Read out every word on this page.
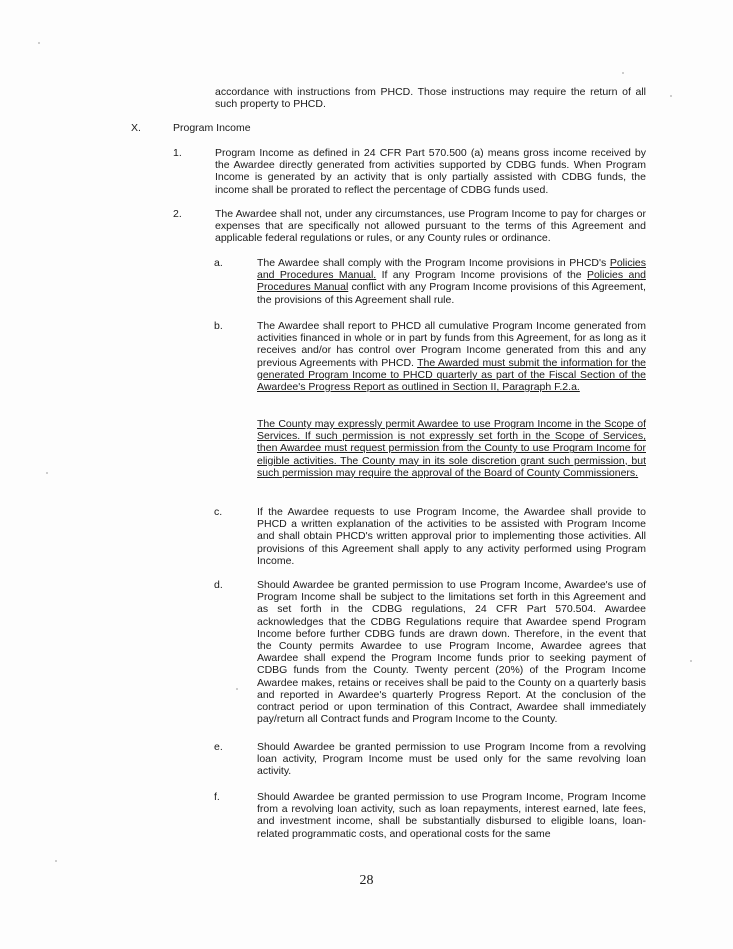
accordance with instructions from PHCD. Those instructions may require the return of all such property to PHCD.

X.	Program Income
1.	Program Income as defined in 24 CFR Part 570.500 (a) means gross income received by the Awardee directly generated from activities supported by CDBG funds. When Program Income is generated by an activity that is only partially assisted with CDBG funds, the income shall be prorated to reflect the percentage of CDBG funds used.

2.	The Awardee shall not, under any circumstances, use Program Income to pay for charges or expenses that are specifically not allowed pursuant to the terms of this Agreement and applicable federal regulations or rules, or any County rules or ordinance.

a.	The Awardee shall comply with the Program Income provisions in PHCD's Policies and Procedures Manual. If any Program Income provisions of the Policies and Procedures Manual conflict with any Program Income provisions of this Agreement, the provisions of this Agreement shall rule.

b.	The Awardee shall report to PHCD all cumulative Program Income generated from activities financed in whole or in part by funds from this Agreement, for as long as it receives and/or has control over Program Income generated from this and any previous Agreements with PHCD. The Awarded must submit the information for the generated Program Income to PHCD quarterly as part of the Fiscal Section of the Awardee's Progress Report as outlined in Section II, Paragraph F.2.a.

The County may expressly permit Awardee to use Program Income in the Scope of Services. If such permission is not expressly set forth in the Scope of Services, then Awardee must request permission from the County to use Program Income for eligible activities. The County may in its sole discretion grant such permission, but such permission may require the approval of the Board of County Commissioners.

c.	If the Awardee requests to use Program Income, the Awardee shall provide to PHCD a written explanation of the activities to be assisted with Program Income and shall obtain PHCD's written approval prior to implementing those activities. All provisions of this Agreement shall apply to any activity performed using Program Income.

d.	Should Awardee be granted permission to use Program Income, Awardee's use of Program Income shall be subject to the limitations set forth in this Agreement and as set forth in the CDBG regulations, 24 CFR Part 570.504. Awardee acknowledges that the CDBG Regulations require that Awardee spend Program Income before further CDBG funds are drawn down. Therefore, in the event that the County permits Awardee to use Program Income, Awardee agrees that Awardee shall expend the Program Income funds prior to seeking payment of CDBG funds from the County. Twenty percent (20%) of the Program Income Awardee makes, retains or receives shall be paid to the County on a quarterly basis and reported in Awardee's quarterly Progress Report. At the conclusion of the contract period or upon termination of this Contract, Awardee shall immediately pay/return all Contract funds and Program Income to the County.

e.	Should Awardee be granted permission to use Program Income from a revolving loan activity, Program Income must be used only for the same revolving loan activity.

f.	Should Awardee be granted permission to use Program Income, Program Income from a revolving loan activity, such as loan repayments, interest earned, late fees, and investment income, shall be substantially disbursed to eligible loans, loan-related programmatic costs, and operational costs for the same

28
